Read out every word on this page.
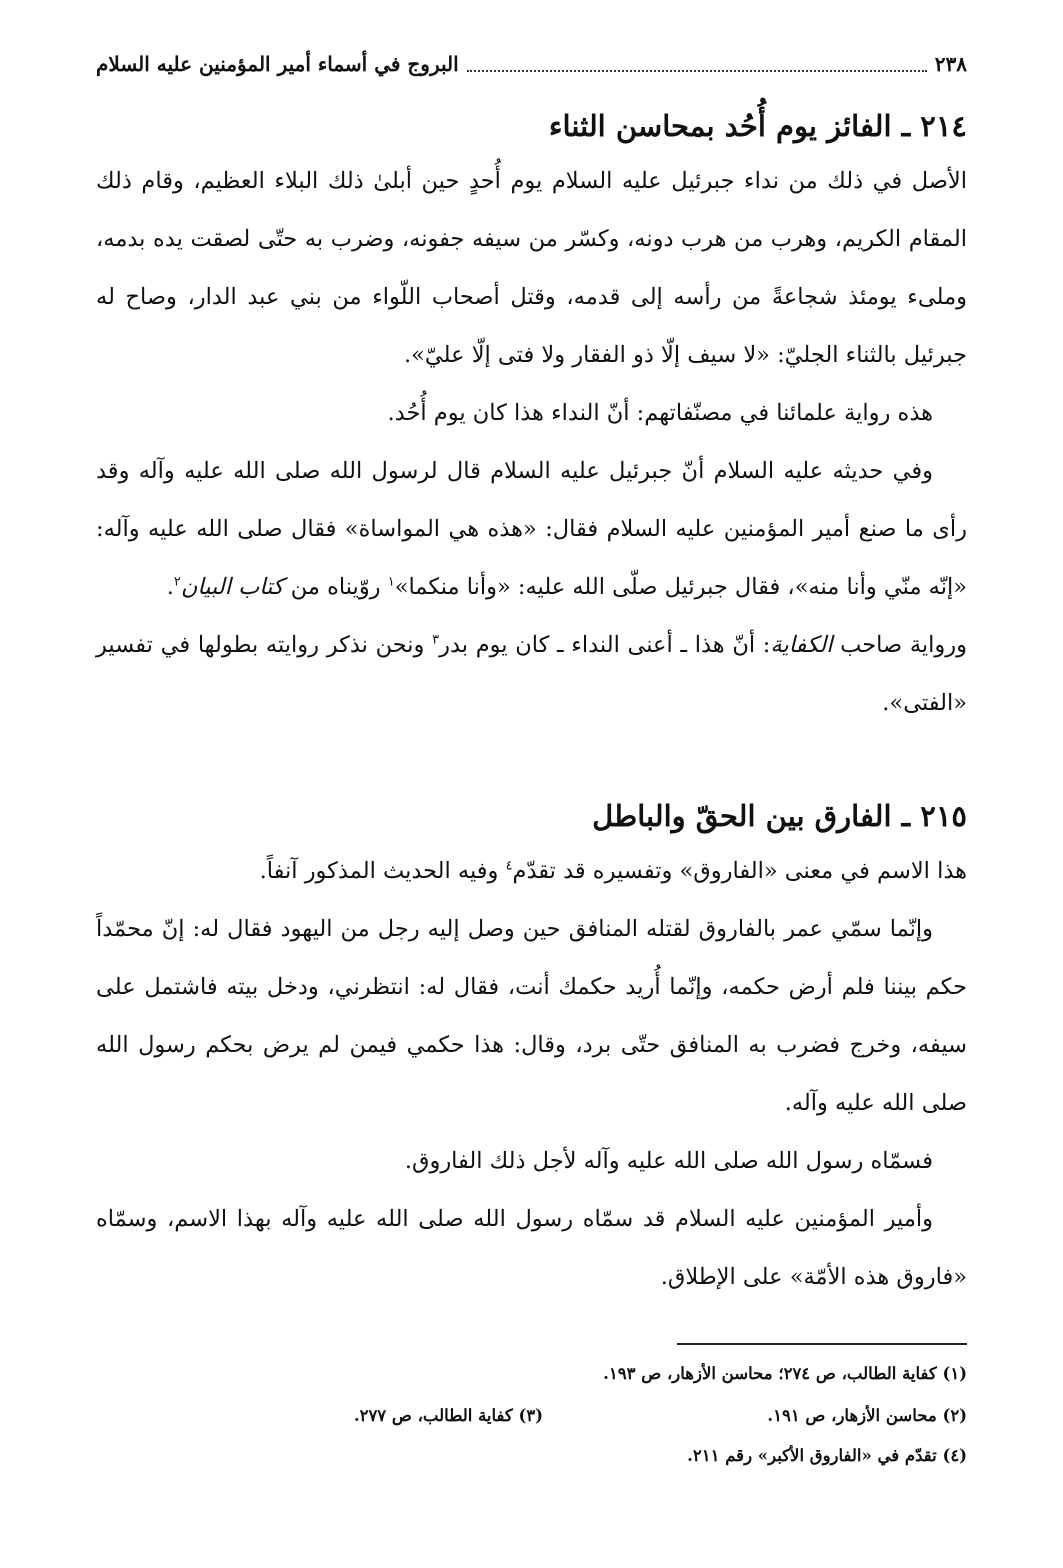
٢٣٨
البروج في أسماء أمير المؤمنين عليه السلام
٢١٤ ـ الفائز يوم أُحُد بمحاسن الثناء

الأصل في ذلك من نداء جبرئيل عليه السلام يوم أُحدٍ حين أبلىٰ ذلك البلاء العظيم، وقام ذلك المقام الكريم، وهرب من هرب دونه، وكسّر من سيفه جفونه، وضرب به حتّى لصقت يده بدمه، وملىء يومئذ شجاعةً من رأسه إلى قدمه، وقتل أصحاب اللّواء من بني عبد الدار، وصاح له جبرئيل بالثناء الجليّ: «لا سيف إلّا ذو الفقار ولا فتى إلّا عليّ».

هذه رواية علمائنا في مصنّفاتهم: أنّ النداء هذا كان يوم أُحُد.

وفي حديثه عليه السلام أنّ جبرئيل عليه السلام قال لرسول الله صلى الله عليه وآله وقد رأى ما صنع أمير المؤمنين عليه السلام فقال: «هذه هي المواساة» فقال صلى الله عليه وآله: «إنّه منّي وأنا منه»، فقال جبرئيل صلّى الله عليه: «وأنا منكما»$^١$ روّيناه من كتاب البيان$^٢$.

ورواية صاحب الكفاية: أنّ هذا ـ أعنى النداء ـ كان يوم بدر$^٣$ ونحن نذكر روايته بطولها في تفسير «الفتى».

٢١٥ ـ الفارق بين الحقّ والباطل

هذا الاسم في معنى «الفاروق» وتفسيره قد تقدّم$^٤$ وفيه الحديث المذكور آنفاً.

وإنّما سمّي عمر بالفاروق لقتله المنافق حين وصل إليه رجل من اليهود فقال له: إنّ محمّداً حكم بيننا فلم أرض حكمه، وإنّما أُريد حكمك أنت، فقال له: انتظرني، ودخل بيته فاشتمل على سيفه، وخرج فضرب به المنافق حتّى برد، وقال: هذا حكمي فيمن لم يرض بحكم رسول الله صلى الله عليه وآله.

فسمّاه رسول الله صلى الله عليه وآله لأجل ذلك الفاروق.

وأمير المؤمنين عليه السلام قد سمّاه رسول الله صلى الله عليه وآله بهذا الاسم، وسمّاه «فاروق هذه الأمّة» على الإطلاق.

(١) كفاية الطالب، ص ٢٧٤؛ محاسن الأزهار، ص ١٩٣.
(٢) محاسن الأزهار، ص ١٩١.
(٣) كفاية الطالب، ص ٢٧٧.
(٤) تقدّم في «الفاروق الأكبر» رقم ٢١١.
